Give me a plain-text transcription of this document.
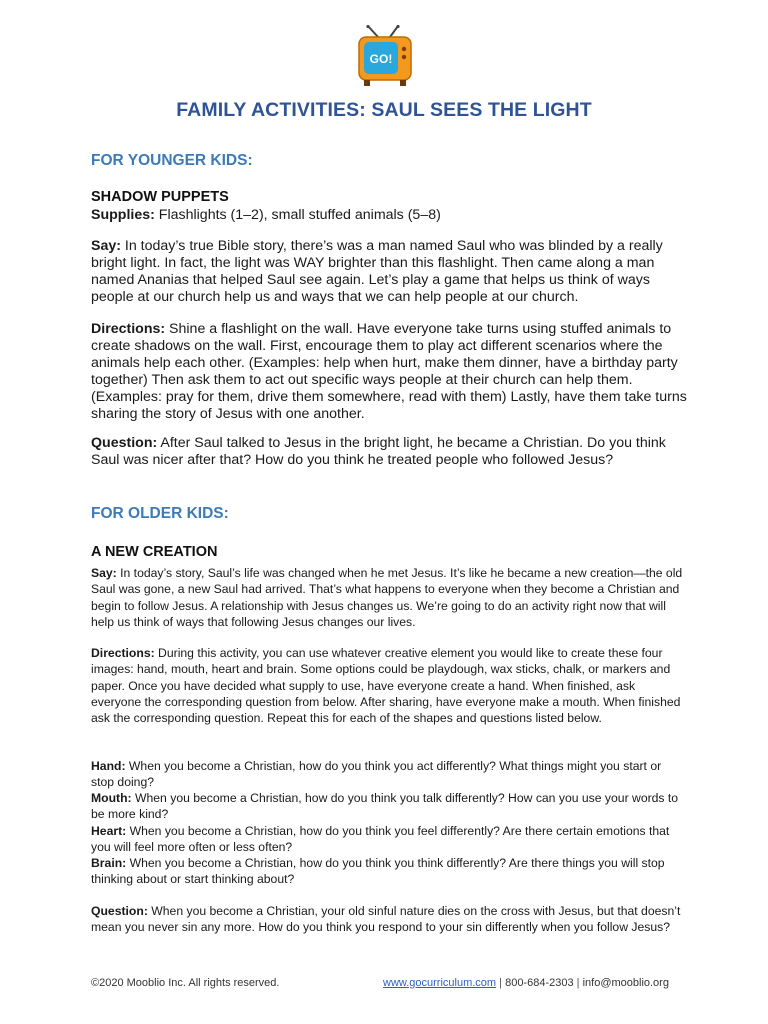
GO!
FAMILY ACTIVITIES: SAUL SEES THE LIGHT
FOR YOUNGER KIDS:
SHADOW PUPPETS

Supplies: Flashlights (1–2), small stuffed animals (5–8)

Say: In today’s true Bible story, there’s was a man named Saul who was blinded by a really bright light. In fact, the light was WAY brighter than this flashlight. Then came along a man named Ananias that helped Saul see again. Let’s play a game that helps us think of ways people at our church help us and ways that we can help people at our church.

Directions: Shine a flashlight on the wall. Have everyone take turns using stuffed animals to create shadows on the wall. First, encourage them to play act different scenarios where the animals help each other. (Examples: help when hurt, make them dinner, have a birthday party together) Then ask them to act out specific ways people at their church can help them. (Examples: pray for them, drive them somewhere, read with them) Lastly, have them take turns sharing the story of Jesus with one another.

Question: After Saul talked to Jesus in the bright light, he became a Christian. Do you think Saul was nicer after that? How do you think he treated people who followed Jesus?

FOR OLDER KIDS:
A NEW CREATION

Say: In today’s story, Saul’s life was changed when he met Jesus. It’s like he became a new creation—the old Saul was gone, a new Saul had arrived. That’s what happens to everyone when they become a Christian and begin to follow Jesus. A relationship with Jesus changes us. We’re going to do an activity right now that will help us think of ways that following Jesus changes our lives.

Directions: During this activity, you can use whatever creative element you would like to create these four images: hand, mouth, heart and brain. Some options could be playdough, wax sticks, chalk, or markers and paper. Once you have decided what supply to use, have everyone create a hand. When finished, ask everyone the corresponding question from below. After sharing, have everyone make a mouth. When finished ask the corresponding question. Repeat this for each of the shapes and questions listed below.

Hand: When you become a Christian, how do you think you act differently? What things might you start or stop doing?

Mouth: When you become a Christian, how do you think you talk differently? How can you use your words to be more kind?

Heart: When you become a Christian, how do you think you feel differently? Are there certain emotions that you will feel more often or less often?

Brain: When you become a Christian, how do you think you think differently? Are there things you will stop thinking about or start thinking about?

Question: When you become a Christian, your old sinful nature dies on the cross with Jesus, but that doesn’t mean you never sin any more. How do you think you respond to your sin differently when you follow Jesus?

©2020 Mooblio Inc. All rights reserved.	www.gocurriculum.com | 800-684-2303 | info@mooblio.org
